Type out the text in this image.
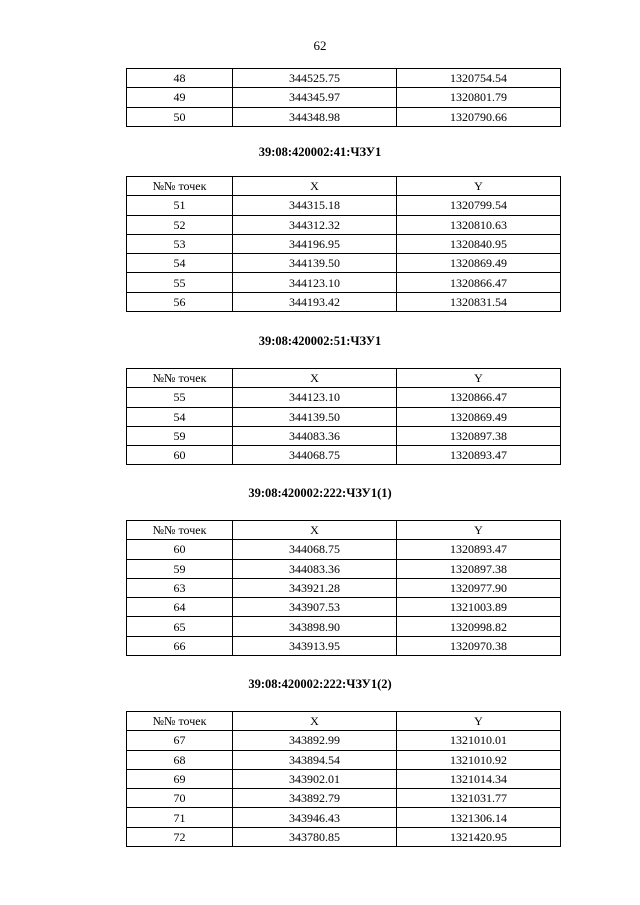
62
48	344525.75	1320754.54
49	344345.97	1320801.79
50	344348.98	1320790.66
39:08:420002:41:ЧЗУ1
№№ точек	X	Y
51	344315.18	1320799.54
52	344312.32	1320810.63
53	344196.95	1320840.95
54	344139.50	1320869.49
55	344123.10	1320866.47
56	344193.42	1320831.54
39:08:420002:51:ЧЗУ1
№№ точек	X	Y
55	344123.10	1320866.47
54	344139.50	1320869.49
59	344083.36	1320897.38
60	344068.75	1320893.47
39:08:420002:222:ЧЗУ1(1)
№№ точек	X	Y
60	344068.75	1320893.47
59	344083.36	1320897.38
63	343921.28	1320977.90
64	343907.53	1321003.89
65	343898.90	1320998.82
66	343913.95	1320970.38
39:08:420002:222:ЧЗУ1(2)
№№ точек	X	Y
67	343892.99	1321010.01
68	343894.54	1321010.92
69	343902.01	1321014.34
70	343892.79	1321031.77
71	343946.43	1321306.14
72	343780.85	1321420.95
